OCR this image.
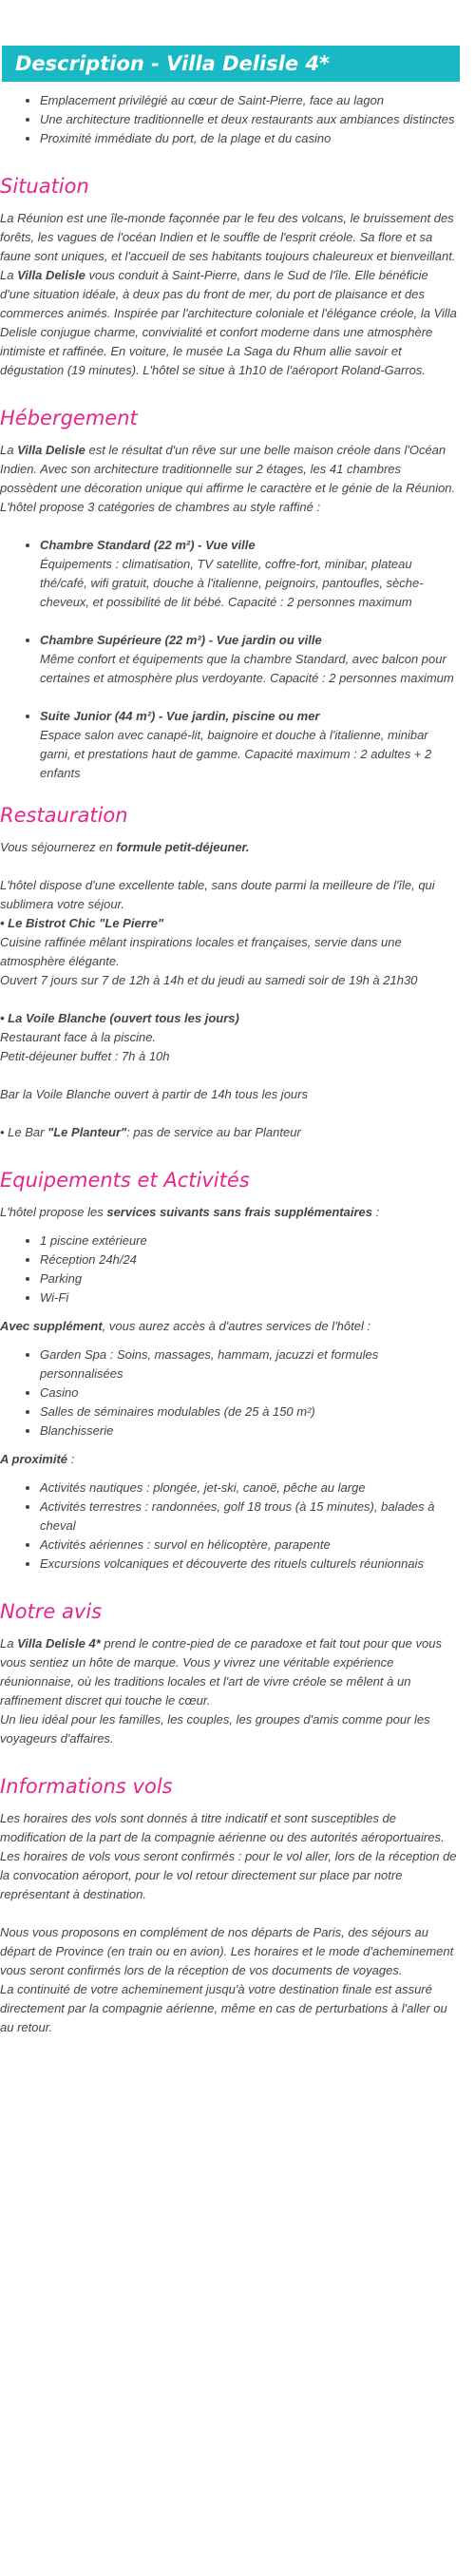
Description - Villa Delisle 4*
• Emplacement privilégié au cœur de Saint-Pierre, face au lagon
• Une architecture traditionnelle et deux restaurants aux ambiances distinctes
• Proximité immédiate du port, de la plage et du casino
Situation

La Réunion est une île-monde façonnée par le feu des volcans, le bruissement des forêts, les vagues de l'océan Indien et le souffle de l'esprit créole. Sa flore et sa faune sont uniques, et l'accueil de ses habitants toujours chaleureux et bienveillant.

La Villa Delisle vous conduit à Saint-Pierre, dans le Sud de l'île. Elle bénéficie d'une situation idéale, à deux pas du front de mer, du port de plaisance et des commerces animés. Inspirée par l'architecture coloniale et l'élégance créole, la Villa Delisle conjugue charme, convivialité et confort moderne dans une atmosphère intimiste et raffinée. En voiture, le musée La Saga du Rhum allie savoir et dégustation (19 minutes). L'hôtel se situe à 1h10 de l'aéroport Roland-Garros.

Hébergement

La Villa Delisle est le résultat d'un rêve sur une belle maison créole dans l'Océan Indien. Avec son architecture traditionnelle sur 2 étages, les 41 chambres possèdent une décoration unique qui affirme le caractère et le génie de la Réunion. L'hôtel propose 3 catégories de chambres au style raffiné :

• Chambre Standard (22 m²) - Vue ville
Équipements : climatisation, TV satellite, coffre-fort, minibar, plateau thé/café, wifi gratuit, douche à l'italienne, peignoirs, pantoufles, sèche-cheveux, et possibilité de lit bébé. Capacité : 2 personnes maximum
• Chambre Supérieure (22 m²) - Vue jardin ou ville
Même confort et équipements que la chambre Standard, avec balcon pour certaines et atmosphère plus verdoyante. Capacité : 2 personnes maximum
• Suite Junior (44 m²) - Vue jardin, piscine ou mer
Espace salon avec canapé-lit, baignoire et douche à l'italienne, minibar garni, et prestations haut de gamme. Capacité maximum : 2 adultes + 2 enfants
Restauration

Vous séjournerez en formule petit-déjeuner.

L'hôtel dispose d'une excellente table, sans doute parmi la meilleure de l'île, qui sublimera votre séjour.

• Le Bistrot Chic "Le Pierre"

Cuisine raffinée mêlant inspirations locales et françaises, servie dans une atmosphère élégante.

Ouvert 7 jours sur 7 de 12h à 14h et du jeudi au samedi soir de 19h à 21h30

• La Voile Blanche (ouvert tous les jours)

Restaurant face à la piscine.

Petit-déjeuner buffet : 7h à 10h

Bar la Voile Blanche ouvert à partir de 14h tous les jours

• Le Bar "Le Planteur": pas de service au bar Planteur

Equipements et Activités

L'hôtel propose les services suivants sans frais supplémentaires :

• 1 piscine extérieure
• Réception 24h/24
• Parking
• Wi-Fi

Avec supplément, vous aurez accès à d'autres services de l'hôtel :

• Garden Spa : Soins, massages, hammam, jacuzzi et formules personnalisées
• Casino
• Salles de séminaires modulables (de 25 à 150 m²)
• Blanchisserie

A proximité :

• Activités nautiques : plongée, jet-ski, canoë, pêche au large
• Activités terrestres : randonnées, golf 18 trous (à 15 minutes), balades à cheval
• Activités aériennes : survol en hélicoptère, parapente
• Excursions volcaniques et découverte des rituels culturels réunionnais
Notre avis

La Villa Delisle 4* prend le contre-pied de ce paradoxe et fait tout pour que vous vous sentiez un hôte de marque. Vous y vivrez une véritable expérience réunionnaise, où les traditions locales et l'art de vivre créole se mêlent à un raffinement discret qui touche le cœur.

Un lieu idéal pour les familles, les couples, les groupes d'amis comme pour les voyageurs d'affaires.

Informations vols

Les horaires des vols sont donnés à titre indicatif et sont susceptibles de modification de la part de la compagnie aérienne ou des autorités aéroportuaires.

Les horaires de vols vous seront confirmés : pour le vol aller, lors de la réception de la convocation aéroport, pour le vol retour directement sur place par notre représentant à destination.

Nous vous proposons en complément de nos départs de Paris, des séjours au départ de Province (en train ou en avion). Les horaires et le mode d'acheminement vous seront confirmés lors de la réception de vos documents de voyages.

La continuité de votre acheminement jusqu'à votre destination finale est assuré directement par la compagnie aérienne, même en cas de perturbations à l'aller ou au retour.
